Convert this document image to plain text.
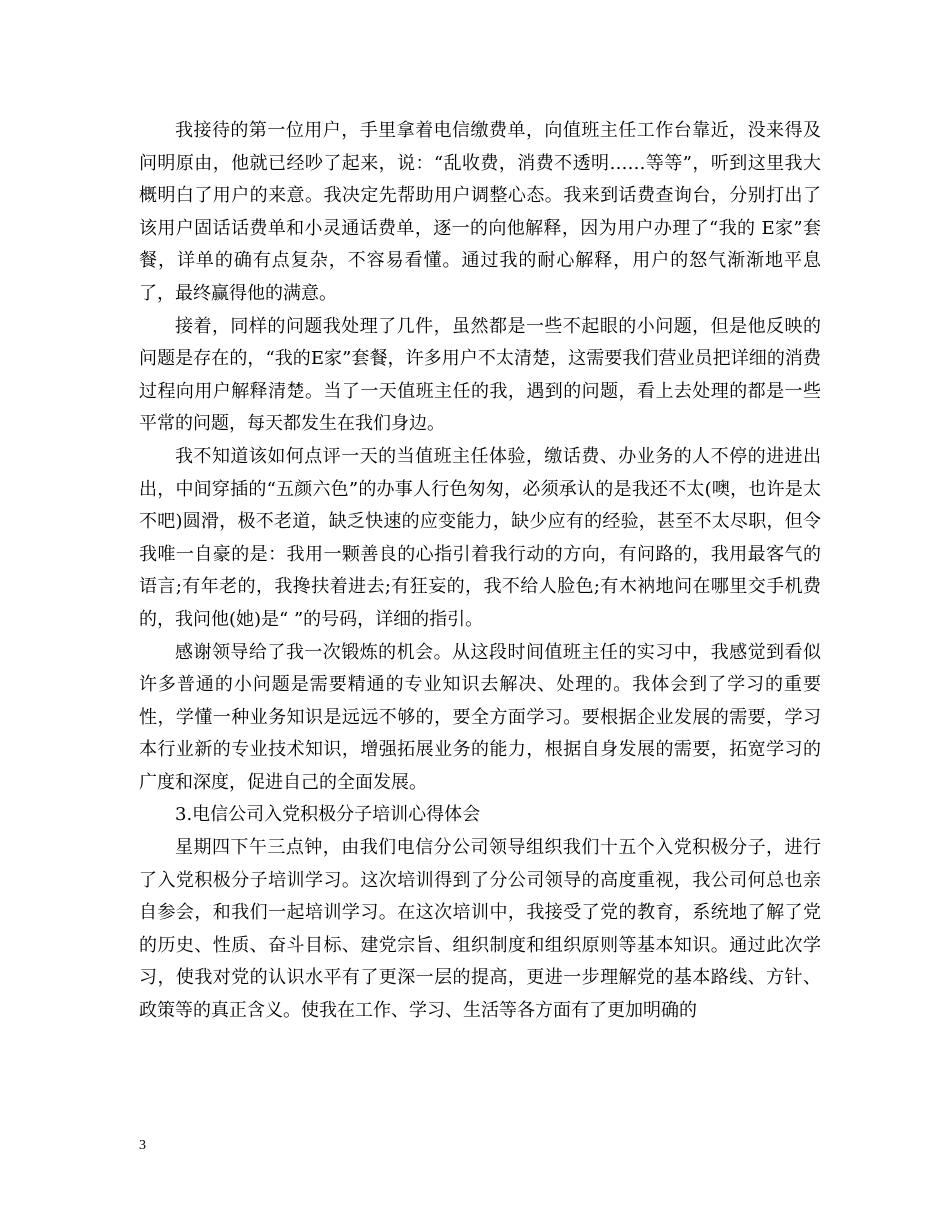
我接待的第一位用户，手里拿着电信缴费单，向值班主任工作台靠近，没来得及问明原由，他就已经吵了起来，说：“乱收费，消费不透明……等等”，听到这里我大概明白了用户的来意。我决定先帮助用户调整心态。我来到话费查询台，分别打出了该用户固话话费单和小灵通话费单，逐一的向他解释，因为用户办理了“我的 E家”套餐，详单的确有点复杂，不容易看懂。通过我的耐心解释，用户的怒气渐渐地平息了，最终赢得他的满意。

接着，同样的问题我处理了几件，虽然都是一些不起眼的小问题，但是他反映的问题是存在的，“我的E家”套餐，许多用户不太清楚，这需要我们营业员把详细的消费过程向用户解释清楚。当了一天值班主任的我，遇到的问题，看上去处理的都是一些平常的问题，每天都发生在我们身边。

我不知道该如何点评一天的当值班主任体验，缴话费、办业务的人不停的进进出出，中间穿插的“五颜六色”的办事人行色匆匆，必须承认的是我还不太(噢，也许是太不吧)圆滑，极不老道，缺乏快速的应变能力，缺少应有的经验，甚至不太尽职，但令我唯一自豪的是：我用一颗善良的心指引着我行动的方向，有问路的，我用最客气的语言;有年老的，我搀扶着进去;有狂妄的，我不给人脸色;有木衲地问在哪里交手机费的，我问他(她)是“ ”的号码，详细的指引。

感谢领导给了我一次锻炼的机会。从这段时间值班主任的实习中，我感觉到看似许多普通的小问题是需要精通的专业知识去解决、处理的。我体会到了学习的重要性，学懂一种业务知识是远远不够的，要全方面学习。要根据企业发展的需要，学习本行业新的专业技术知识，增强拓展业务的能力，根据自身发展的需要，拓宽学习的广度和深度，促进自己的全面发展。

3.电信公司入党积极分子培训心得体会

星期四下午三点钟，由我们电信分公司领导组织我们十五个入党积极分子，进行了入党积极分子培训学习。这次培训得到了分公司领导的高度重视，我公司何总也亲自参会，和我们一起培训学习。在这次培训中，我接受了党的教育，系统地了解了党的历史、性质、奋斗目标、建党宗旨、组织制度和组织原则等基本知识。通过此次学习，使我对党的认识水平有了更深一层的提高，更进一步理解党的基本路线、方针、政策等的真正含义。使我在工作、学习、生活等各方面有了更加明确的

3
